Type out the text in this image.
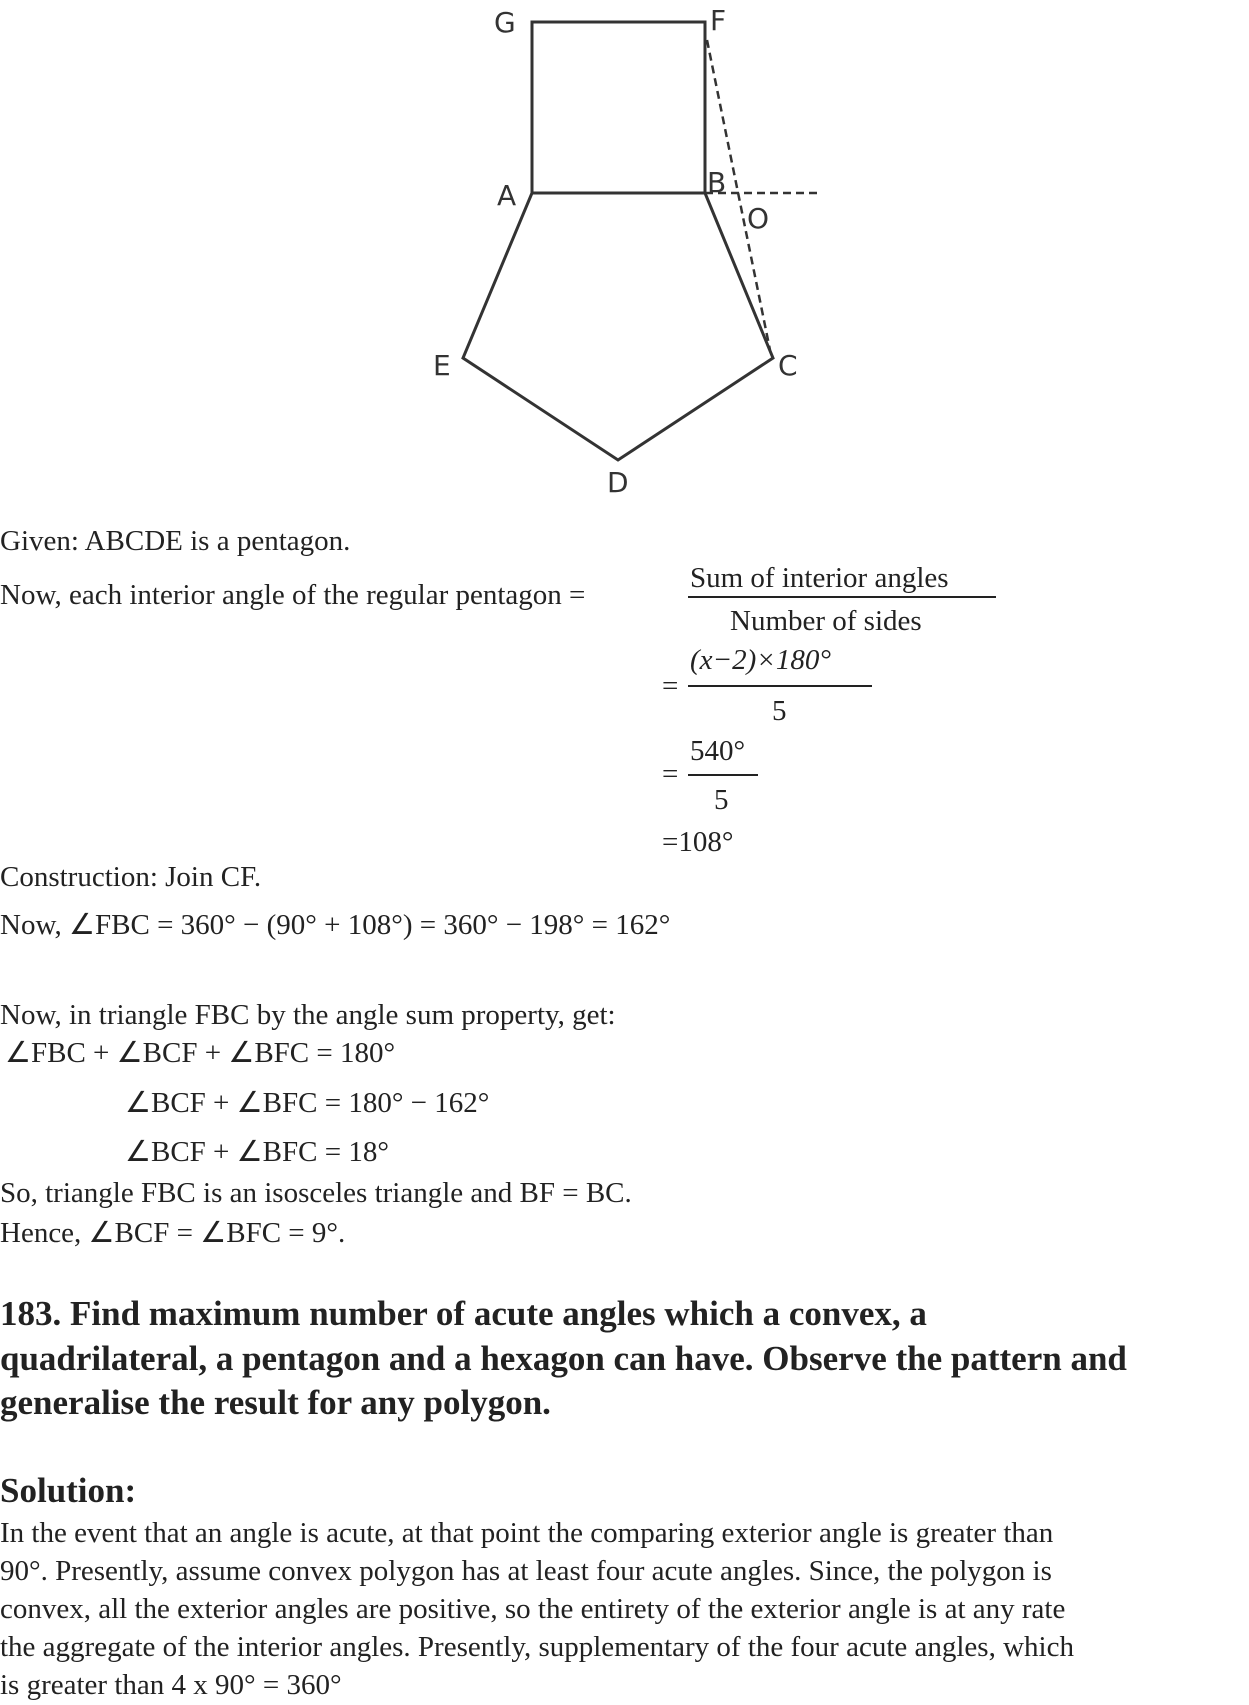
G	F
A	B
O
E	C
D
Given: ABCDE is a pentagon.
Now, each interior angle of the regular pentagon =
Sum of interior angles
Number of sides
=
(x−2)×180°
5
=
540°
5
=108°
Construction: Join CF.
Now, ∠FBC = 360° − (90° + 108°) = 360° − 198° = 162°
Now, in triangle FBC by the angle sum property, get:
∠FBC + ∠BCF + ∠BFC = 180°
∠BCF + ∠BFC = 180° − 162°
∠BCF + ∠BFC = 18°
So, triangle FBC is an isosceles triangle and BF = BC.
Hence, ∠BCF = ∠BFC = 9°.
183. Find maximum number of acute angles which a convex, a
quadrilateral, a pentagon and a hexagon can have. Observe the pattern and
generalise the result for any polygon.
Solution:
In the event that an angle is acute, at that point the comparing exterior angle is greater than
90°. Presently, assume convex polygon has at least four acute angles. Since, the polygon is
convex, all the exterior angles are positive, so the entirety of the exterior angle is at any rate
the aggregate of the interior angles. Presently, supplementary of the four acute angles, which
is greater than 4 x 90° = 360°
